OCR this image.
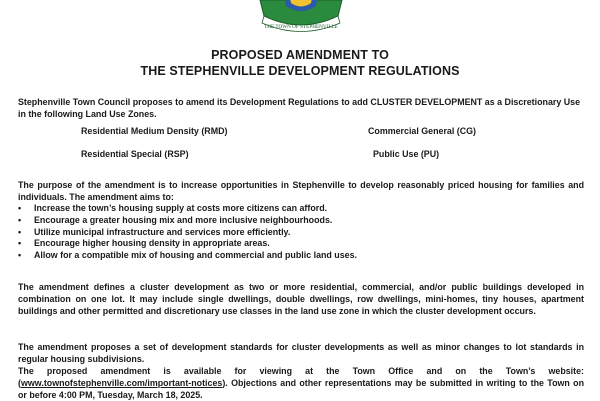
THE TOWN OF STEPHENVILLE
PROPOSED AMENDMENT TO
THE STEPHENVILLE DEVELOPMENT REGULATIONS

Stephenville Town Council proposes to amend its Development Regulations to add CLUSTER DEVELOPMENT as a Discretionary Use in the following Land Use Zones.

Residential Medium Density (RMD)	Commercial General (CG)
Residential Special (RSP)	Public Use (PU)

The purpose of the amendment is to increase opportunities in Stephenville to develop reasonably priced housing for families and individuals. The amendment aims to:

• Increase the town’s housing supply at costs more citizens can afford.
• Encourage a greater housing mix and more inclusive neighbourhoods.
• Utilize municipal infrastructure and services more efficiently.
• Encourage higher housing density in appropriate areas.
• Allow for a compatible mix of housing and commercial and public land uses.

The amendment defines a cluster development as two or more residential, commercial, and/or public buildings developed in combination on one lot. It may include single dwellings, double dwellings, row dwellings, mini-homes, tiny houses, apartment buildings and other permitted and discretionary use classes in the land use zone in which the cluster development occurs.

The amendment proposes a set of development standards for cluster developments as well as minor changes to lot standards in regular housing subdivisions.

The proposed amendment is available for viewing at the Town Office and on the Town’s website: (www.townofstephenville.com/important-notices). Objections and other representations may be submitted in writing to the Town on or before 4:00 PM, Tuesday, March 18, 2025.
